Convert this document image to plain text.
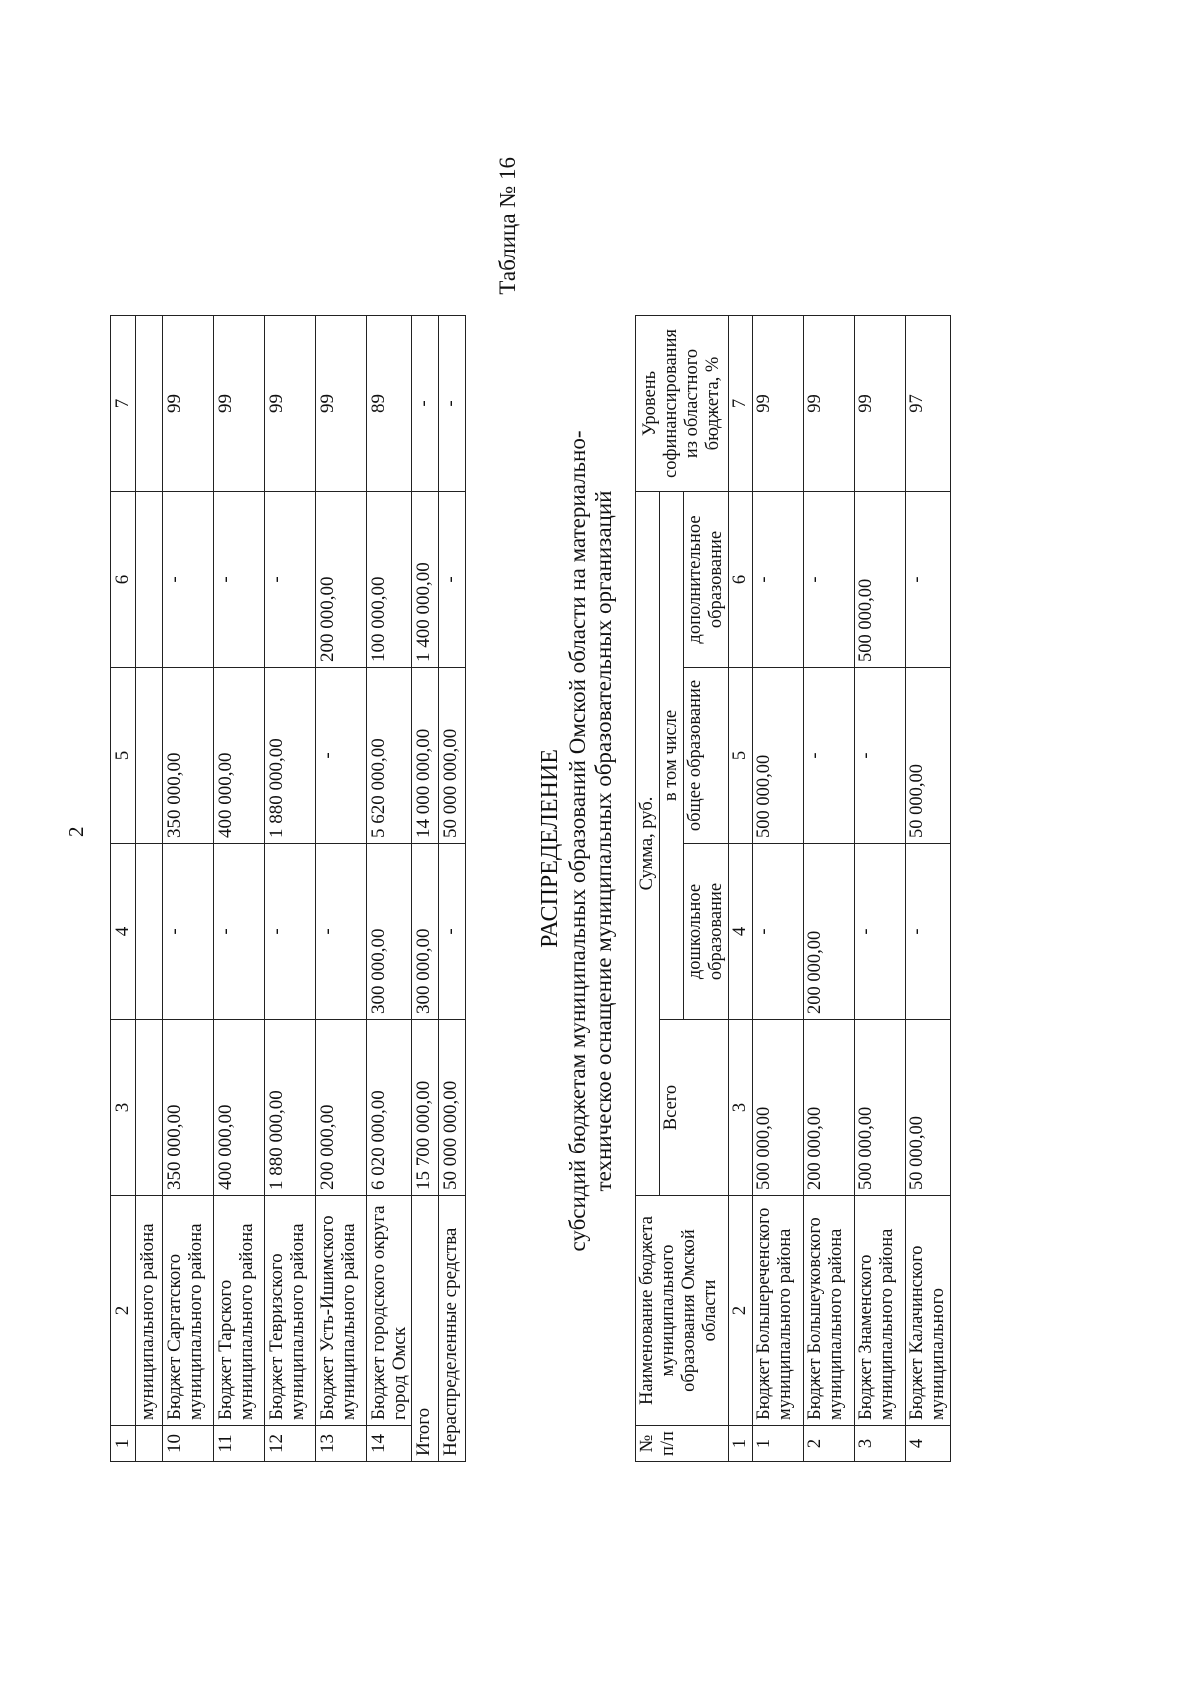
2
1	2	3	4	5	6	7
	муниципального района					
10	Бюджет Саргатского муниципального района	350 000,00	-	350 000,00	-	99
11	Бюджет Тарского муниципального района	400 000,00	-	400 000,00	-	99
12	Бюджет Тевризского муниципального района	1 880 000,00	-	1 880 000,00	-	99
13	Бюджет Усть-Ишимского муниципального района	200 000,00	-	-	200 000,00	99
14	Бюджет городского округа город Омск	6 020 000,00	300 000,00	5 620 000,00	100 000,00	89
Итого		15 700 000,00	300 000,00	14 000 000,00	1 400 000,00	-
Нераспределенные средства		50 000 000,00	-	50 000 000,00	-	-
Таблица № 16
РАСПРЕДЕЛЕНИЕ субсидий бюджетам муниципальных образований Омской области на материально-техническое оснащение муниципальных образовательных организаций
№ п/п	Наименование бюджета муниципального образования Омской области	Сумма, руб.				Уровень софинансирования из областного бюджета, %
		Всего	в том числе			
			дошкольное образование	общее образование	дополнительное образование	
1	2	3	4	5	6	7
1	Бюджет Большереченского муниципального района	500 000,00	-	500 000,00	-	99
2	Бюджет Большеуковского муниципального района	200 000,00	200 000,00	-	-	99
3	Бюджет Знаменского муниципального района	500 000,00	-	-	500 000,00	99
4	Бюджет Калачинского муниципального	50 000,00	-	50 000,00	-	97
